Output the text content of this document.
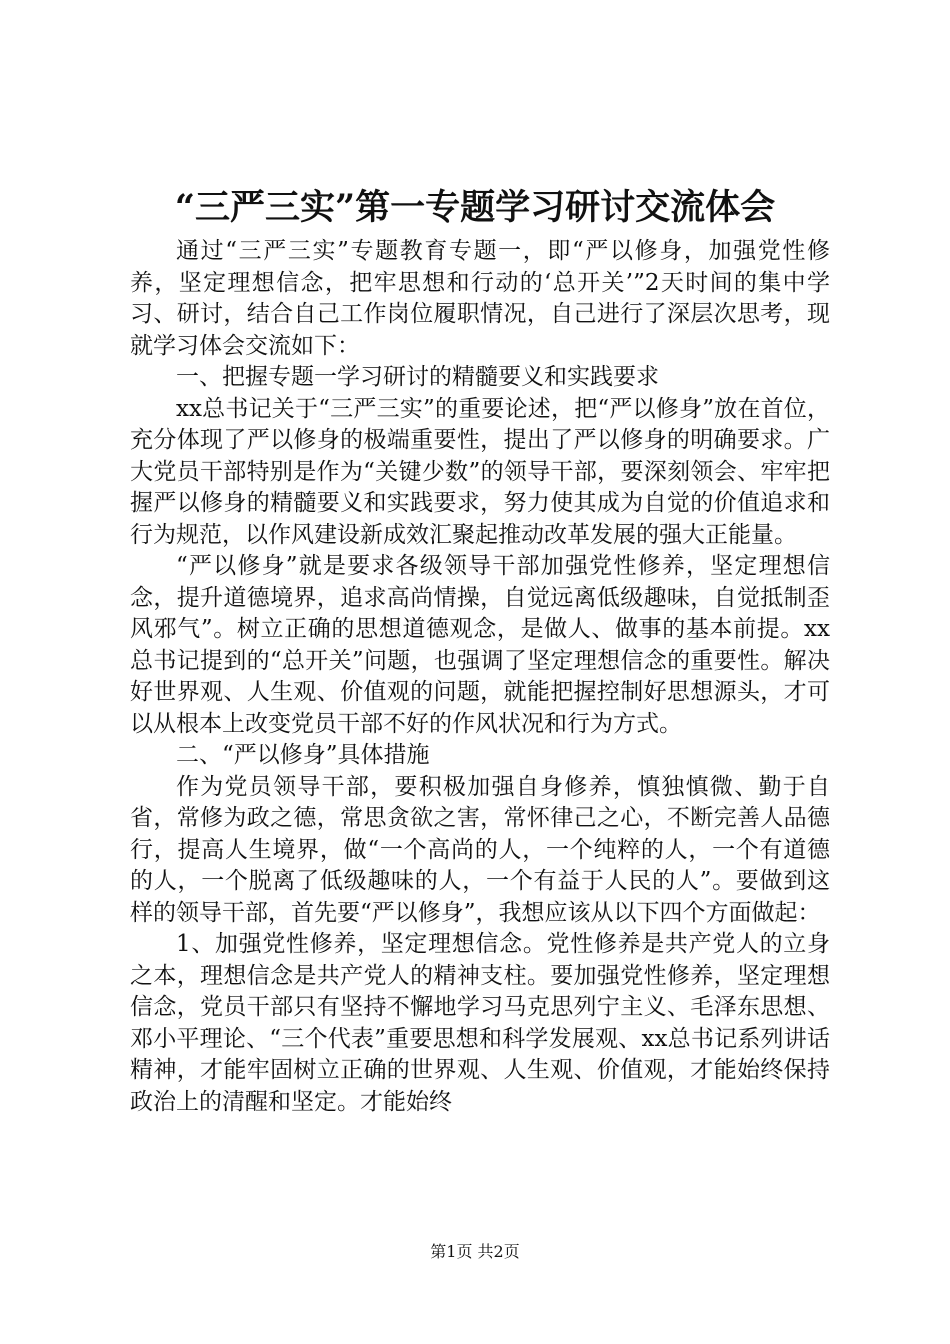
“三严三实”第一专题学习研讨交流体会

通过“三严三实”专题教育专题一，即“严以修身，加强党性修养，坚定理想信念，把牢思想和行动的‘总开关’”2天时间的集中学习、研讨，结合自己工作岗位履职情况，自己进行了深层次思考，现就学习体会交流如下：

一、把握专题一学习研讨的精髓要义和实践要求

xx总书记关于“三严三实”的重要论述，把“严以修身”放在首位，充分体现了严以修身的极端重要性，提出了严以修身的明确要求。广大党员干部特别是作为“关键少数”的领导干部，要深刻领会、牢牢把握严以修身的精髓要义和实践要求，努力使其成为自觉的价值追求和行为规范，以作风建设新成效汇聚起推动改革发展的强大正能量。

“严以修身”就是要求各级领导干部加强党性修养，坚定理想信念，提升道德境界，追求高尚情操，自觉远离低级趣味，自觉抵制歪风邪气”。树立正确的思想道德观念，是做人、做事的基本前提。xx总书记提到的“总开关”问题，也强调了坚定理想信念的重要性。解决好世界观、人生观、价值观的问题，就能把握控制好思想源头，才可以从根本上改变党员干部不好的作风状况和行为方式。

二、“严以修身”具体措施

作为党员领导干部，要积极加强自身修养，慎独慎微、勤于自省，常修为政之德，常思贪欲之害，常怀律己之心，不断完善人品德行，提高人生境界，做“一个高尚的人，一个纯粹的人，一个有道德的人，一个脱离了低级趣味的人，一个有益于人民的人”。要做到这样的领导干部，首先要“严以修身”，我想应该从以下四个方面做起：

1、加强党性修养，坚定理想信念。党性修养是共产党人的立身之本，理想信念是共产党人的精神支柱。要加强党性修养，坚定理想信念，党员干部只有坚持不懈地学习马克思列宁主义、毛泽东思想、邓小平理论、“三个代表”重要思想和科学发展观、xx总书记系列讲话精神，才能牢固树立正确的世界观、人生观、价值观，才能始终保持政治上的清醒和坚定。才能始终

第1页 共2页
